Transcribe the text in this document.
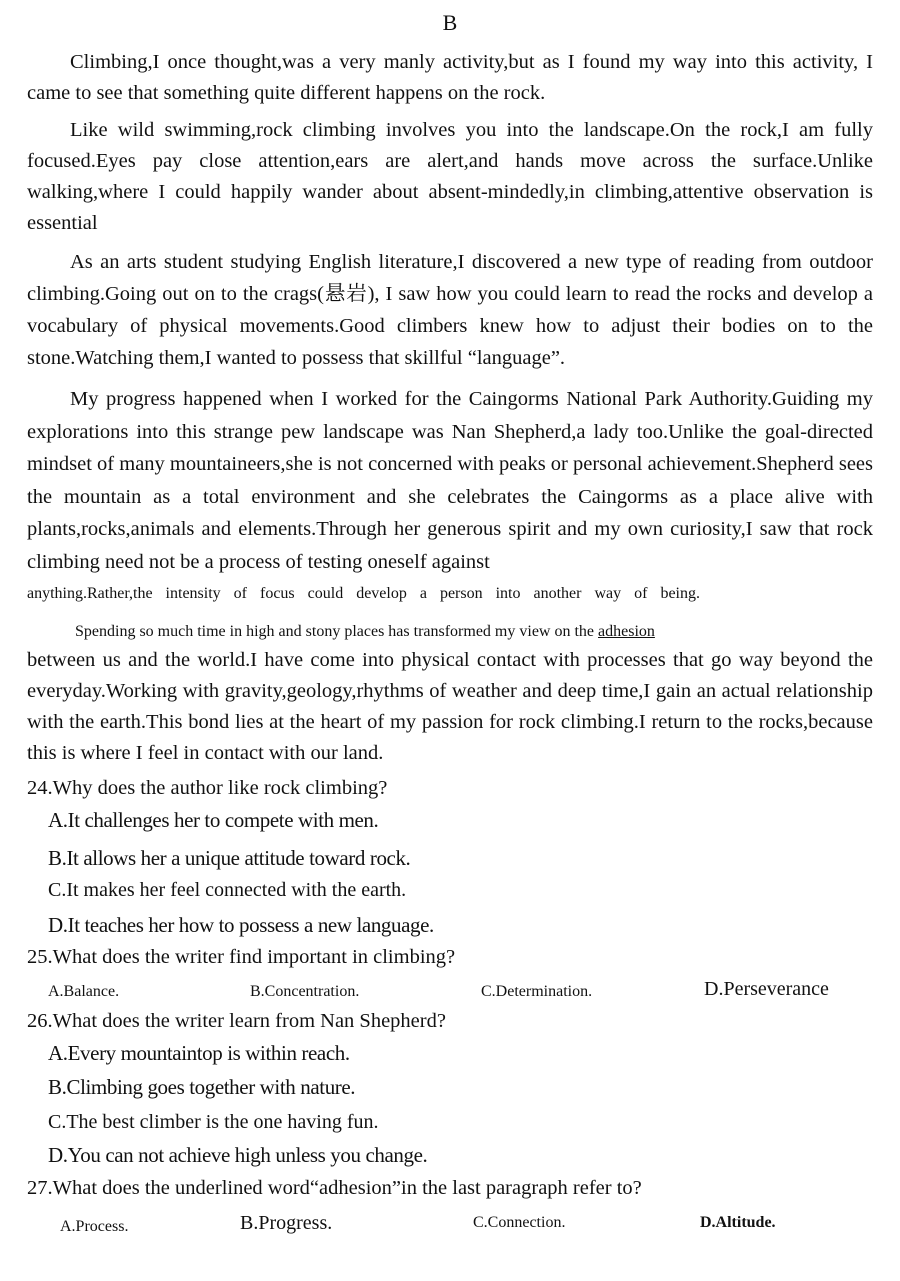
B

Climbing,I once thought,was a very manly activity,but as I found my way into this activity, I came to see that something quite different happens on the rock.

Like wild swimming,rock climbing involves you into the landscape.On the rock,I am fully focused.Eyes pay close attention,ears are alert,and hands move across the surface.Unlike walking,where I could happily wander about absent-mindedly,in climbing,attentive observation is essential

As an arts student studying English literature,I discovered a new type of reading from outdoor climbing.Going out on to the crags(悬岩), I saw how you could learn to read the rocks and develop a vocabulary of physical movements.Good climbers knew how to adjust their bodies on to the stone.Watching them,I wanted to possess that skillful “language”.

My progress happened when I worked for the Caingorms National Park Authority.Guiding my explorations into this strange pew landscape was Nan Shepherd,a lady too.Unlike the goal-directed mindset of many mountaineers,she is not concerned with peaks or personal achievement.Shepherd sees the mountain as a total environment and she celebrates the Caingorms as a place alive with plants,rocks,animals and elements.Through her generous spirit and my own curiosity,I saw that rock climbing need not be a process of testing oneself against

anything.Rather,the intensity of focus could develop a person into another way of being.

Spending so much time in high and stony places has transformed my view on the adhesion
between us and the world.I have come into physical contact with processes that go way beyond the everyday.Working with gravity,geology,rhythms of weather and deep time,I gain an actual relationship with the earth.This bond lies at the heart of my passion for rock climbing.I return to the rocks,because this is where I feel in contact with our land.

24.Why does the author like rock climbing?

A.It challenges her to compete with men.

B.It allows her a unique attitude toward rock.

C.It makes her feel connected with the earth.

D.It teaches her how to possess a new language.

25.What does the writer find important in climbing?

A.Balance.	B.Concentration.	C.Determination.	D.Perseverance

26.What does the writer learn from Nan Shepherd?

A.Every mountaintop is within reach.

B.Climbing goes together with nature.

C.The best climber is the one having fun.

D.You can not achieve high unless you change.

27.What does the underlined word“adhesion”in the last paragraph refer to?

A.Process.	B.Progress.	C.Connection.	D.Altitude.
